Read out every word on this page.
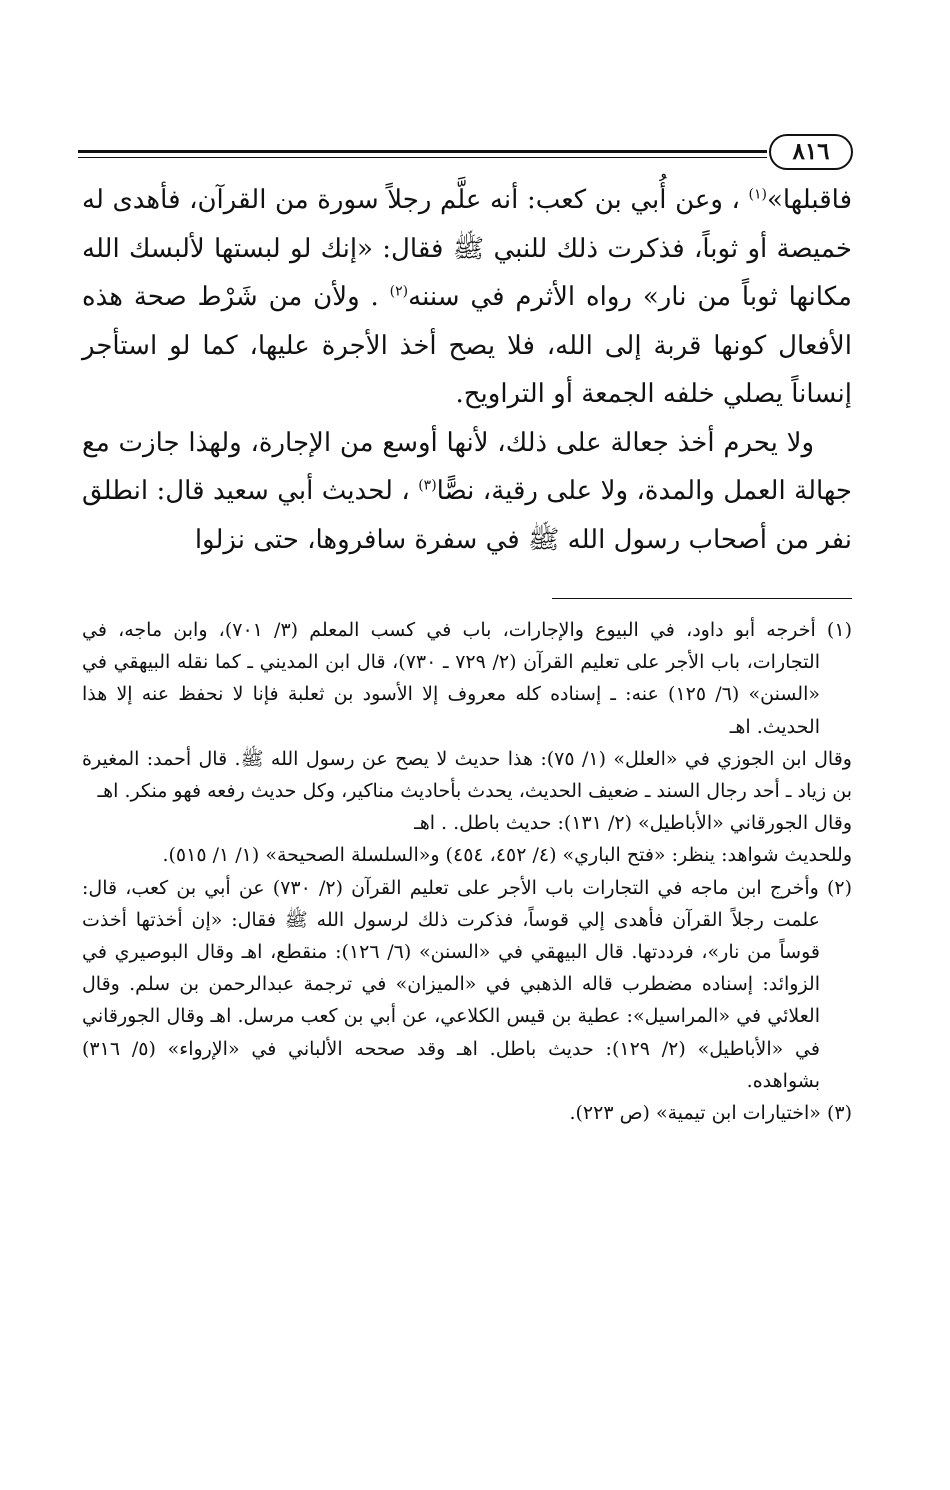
٨١٦

فاقبلها»$^{(١)}$ ، وعن أُبي بن كعب: أنه علَّم رجلاً سورة من القرآن، فأهدى له خميصة أو ثوباً، فذكرت ذلك للنبي ﷺ فقال: «إنك لو لبستها لألبسك الله مكانها ثوباً من نار» رواه الأثرم في سننه$^{(٢)}$ . ولأن من شَرْط صحة هذه الأفعال كونها قربة إلى الله، فلا يصح أخذ الأجرة عليها، كما لو استأجر إنساناً يصلي خلفه الجمعة أو التراويح.

ولا يحرم أخذ جعالة على ذلك، لأنها أوسع من الإجارة، ولهذا جازت مع جهالة العمل والمدة، ولا على رقية، نصًّا$^{(٣)}$ ، لحديث أبي سعيد قال: انطلق نفر من أصحاب رسول الله ﷺ في سفرة سافروها، حتى نزلوا

(١) أخرجه أبو داود، في البيوع والإجارات، باب في كسب المعلم (٣/ ٧٠١)، وابن ماجه، في التجارات، باب الأجر على تعليم القرآن (٢/ ٧٢٩ ـ ٧٣٠)، قال ابن المديني ـ كما نقله البيهقي في «السنن» (٦/ ١٢٥) عنه: ـ إسناده كله معروف إلا الأسود بن ثعلبة فإنا لا نحفظ عنه إلا هذا الحديث. اهـ

وقال ابن الجوزي في «العلل» (١/ ٧٥): هذا حديث لا يصح عن رسول الله ﷺ. قال أحمد: المغيرة بن زياد ـ أحد رجال السند ـ ضعيف الحديث، يحدث بأحاديث مناكير، وكل حديث رفعه فهو منكر. اهـ

وقال الجورقاني «الأباطيل» (٢/ ١٣١): حديث باطل. . اهـ

وللحديث شواهد: ينظر: «فتح الباري» (٤/ ٤٥٢، ٤٥٤) و«السلسلة الصحيحة» (١/ ١/ ٥١٥).

(٢) وأخرج ابن ماجه في التجارات باب الأجر على تعليم القرآن (٢/ ٧٣٠) عن أبي بن كعب، قال: علمت رجلاً القرآن فأهدى إلي قوساً، فذكرت ذلك لرسول الله ﷺ فقال: «إن أخذتها أخذت قوساً من نار»، فرددتها. قال البيهقي في «السنن» (٦/ ١٢٦): منقطع، اهـ وقال البوصيري في الزوائد: إسناده مضطرب قاله الذهبي في «الميزان» في ترجمة عبدالرحمن بن سلم. وقال العلائي في «المراسيل»: عطية بن قيس الكلاعي، عن أبي بن كعب مرسل. اهـ وقال الجورقاني في «الأباطيل» (٢/ ١٢٩): حديث باطل. اهـ وقد صححه الألباني في «الإرواء» (٥/ ٣١٦) بشواهده.

(٣) «اختيارات ابن تيمية» (ص ٢٢٣).
